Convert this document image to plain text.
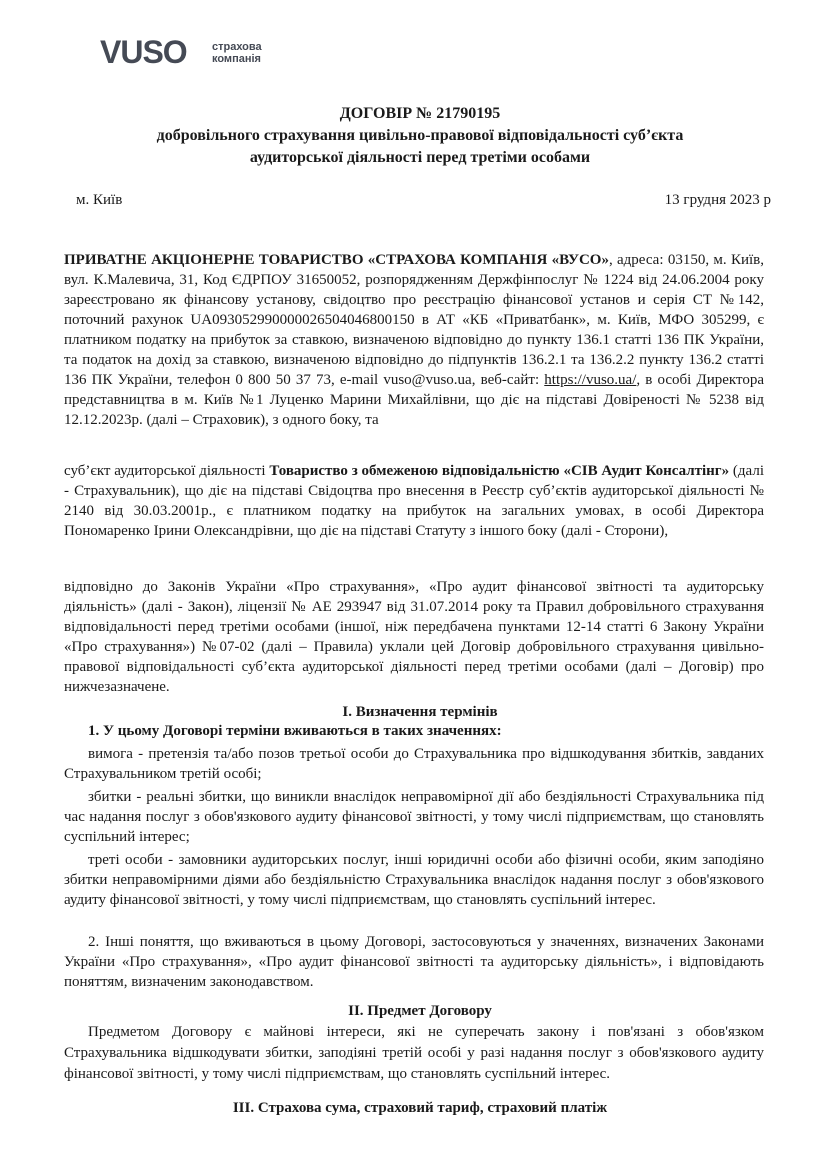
VUSO страхова
компанія
ДОГОВІР № 21790195
добровільного страхування цивільно-правової відповідальності суб’єкта
аудиторської діяльності перед третіми особами
м. Київ	13 грудня 2023 р

ПРИВАТНЕ АКЦІОНЕРНЕ ТОВАРИСТВО «СТРАХОВА КОМПАНІЯ «ВУСО», адреса: 03150, м. Київ, вул. К.Малевича, 31, Код ЄДРПОУ 31650052, розпорядженням Держфінпослуг № 1224 від 24.06.2004 року зареєстровано як фінансову установу, свідоцтво про реєстрацію фінансової установ и серія СТ №142, поточний рахунок UA093052990000026504046800150 в АТ «КБ «Приватбанк», м. Київ, МФО 305299, є платником податку на прибуток за ставкою, визначеною відповідно до пункту 136.1 статті 136 ПК України, та податок на дохід за ставкою, визначеною відповідно до підпунктів 136.2.1 та 136.2.2 пункту 136.2 статті 136 ПК України, телефон 0 800 50 37 73, e-mail vuso@vuso.ua, веб-сайт: https://vuso.ua/, в особі Директора представництва в м. Київ №1 Луценко Марини Михайлівни, що діє на підставі Довіреності № 5238 від 12.12.2023р. (далі – Страховик), з одного боку, та

суб’єкт аудиторської діяльності Товариство з обмеженою відповідальністю «СІВ Аудит Консалтінг» (далі - Страхувальник), що діє на підставі Свідоцтва про внесення в Реєстр суб’єктів аудиторської діяльності № 2140 від 30.03.2001р., є платником податку на прибуток на загальних умовах, в особі Директора Пономаренко Ірини Олександрівни, що діє на підставі Статуту з іншого боку (далі - Сторони),

відповідно до Законів України «Про страхування», «Про аудит фінансової звітності та аудиторську діяльність» (далі - Закон), ліцензії № АЕ 293947 від 31.07.2014 року та Правил добровільного страхування відповідальності перед третіми особами (іншої, ніж передбачена пунктами 12-14 статті 6 Закону України «Про страхування») №07-02 (далі – Правила) уклали цей Договір добровільного страхування цивільно-правової відповідальності суб’єкта аудиторської діяльності перед третіми особами (далі – Договір) про нижчезазначене.

І. Визначення термінів
1. У цьому Договорі терміни вживаються в таких значеннях:

вимога - претензія та/або позов третьої особи до Страхувальника про відшкодування збитків, завданих Страхувальником третій особі;

збитки - реальні збитки, що виникли внаслідок неправомірної дії або бездіяльності Страхувальника під час надання послуг з обов'язкового аудиту фінансової звітності, у тому числі підприємствам, що становлять суспільний інтерес;

треті особи - замовники аудиторських послуг, інші юридичні особи або фізичні особи, яким заподіяно збитки неправомірними діями або бездіяльністю Страхувальника внаслідок надання послуг з обов'язкового аудиту фінансової звітності, у тому числі підприємствам, що становлять суспільний інтерес.

2. Інші поняття, що вживаються в цьому Договорі, застосовуються у значеннях, визначених Законами України «Про страхування», «Про аудит фінансової звітності та аудиторську діяльність», і відповідають поняттям, визначеним законодавством.

ІІ. Предмет Договору

Предметом Договору є майнові інтереси, які не суперечать закону і пов'язані з обов'язком Страхувальника відшкодувати збитки, заподіяні третій особі у разі надання послуг з обов'язкового аудиту фінансової звітності, у тому числі підприємствам, що становлять суспільний інтерес.

ІІІ. Страхова сума, страховий тариф, страховий платіж
